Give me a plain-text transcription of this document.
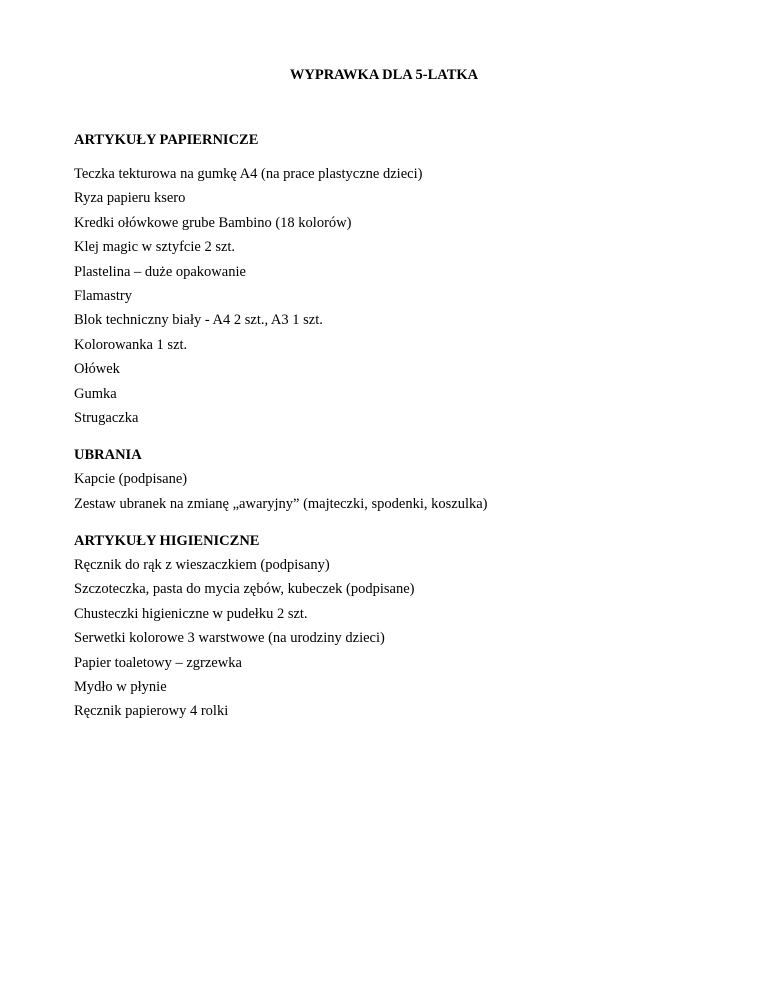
WYPRAWKA DLA 5-LATKA
ARTYKUŁY PAPIERNICZE
Teczka tekturowa na gumkę A4 (na prace plastyczne dzieci)
Ryza papieru ksero
Kredki ołówkowe grube Bambino (18 kolorów)
Klej magic w sztyfcie 2 szt.
Plastelina – duże opakowanie
Flamastry
Blok techniczny biały - A4 2 szt., A3 1 szt.
Kolorowanka 1 szt.
Ołówek
Gumka
Strugaczka
UBRANIA
Kapcie (podpisane)
Zestaw ubranek na zmianę „awaryjny” (majteczki, spodenki, koszulka)
ARTYKUŁY HIGIENICZNE
Ręcznik do rąk z wieszaczkiem (podpisany)
Szczoteczka, pasta do mycia zębów, kubeczek (podpisane)
Chusteczki higieniczne w pudełku 2 szt.
Serwetki kolorowe 3 warstwowe (na urodziny dzieci)
Papier toaletowy – zgrzewka
Mydło w płynie
Ręcznik papierowy 4 rolki
